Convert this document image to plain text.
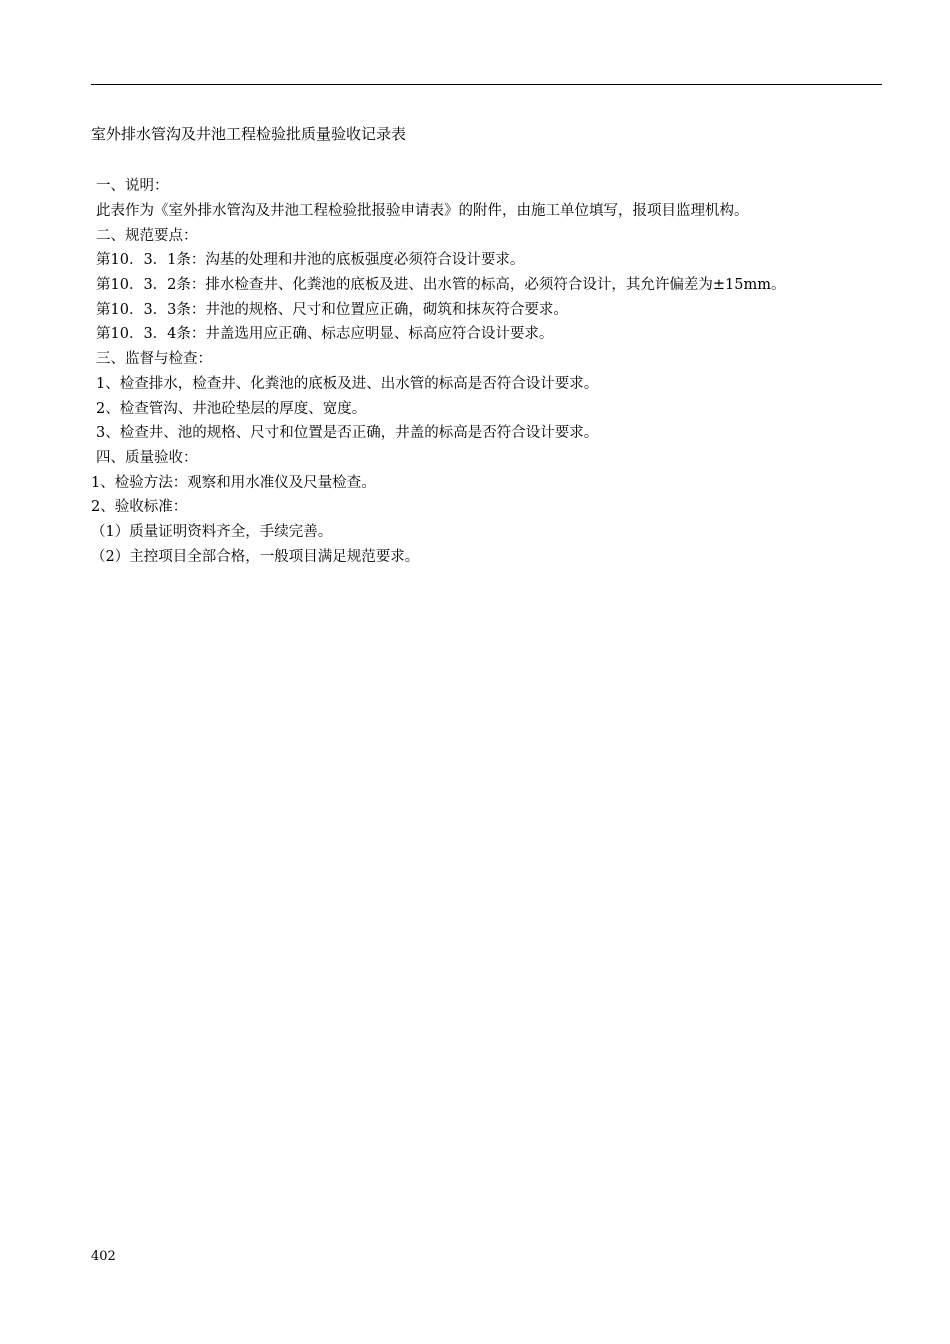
室外排水管沟及井池工程检验批质量验收记录表
一、说明：
此表作为《室外排水管沟及井池工程检验批报验申请表》的附件，由施工单位填写，报项目监理机构。
二、规范要点：
第10．3．1条：沟基的处理和井池的底板强度必须符合设计要求。
第10．3．2条：排水检查井、化粪池的底板及进、出水管的标高，必须符合设计，其允许偏差为±15mm。
第10．3．3条：井池的规格、尺寸和位置应正确，砌筑和抹灰符合要求。
第10．3．4条：井盖选用应正确、标志应明显、标高应符合设计要求。
三、监督与检查：
1、检查排水，检查井、化粪池的底板及进、出水管的标高是否符合设计要求。
2、检查管沟、井池砼垫层的厚度、宽度。
3、检查井、池的规格、尺寸和位置是否正确，井盖的标高是否符合设计要求。
四、质量验收：
1、检验方法：观察和用水准仪及尺量检查。
2、验收标准：
（1）质量证明资料齐全，手续完善。
（2）主控项目全部合格，一般项目满足规范要求。
402
